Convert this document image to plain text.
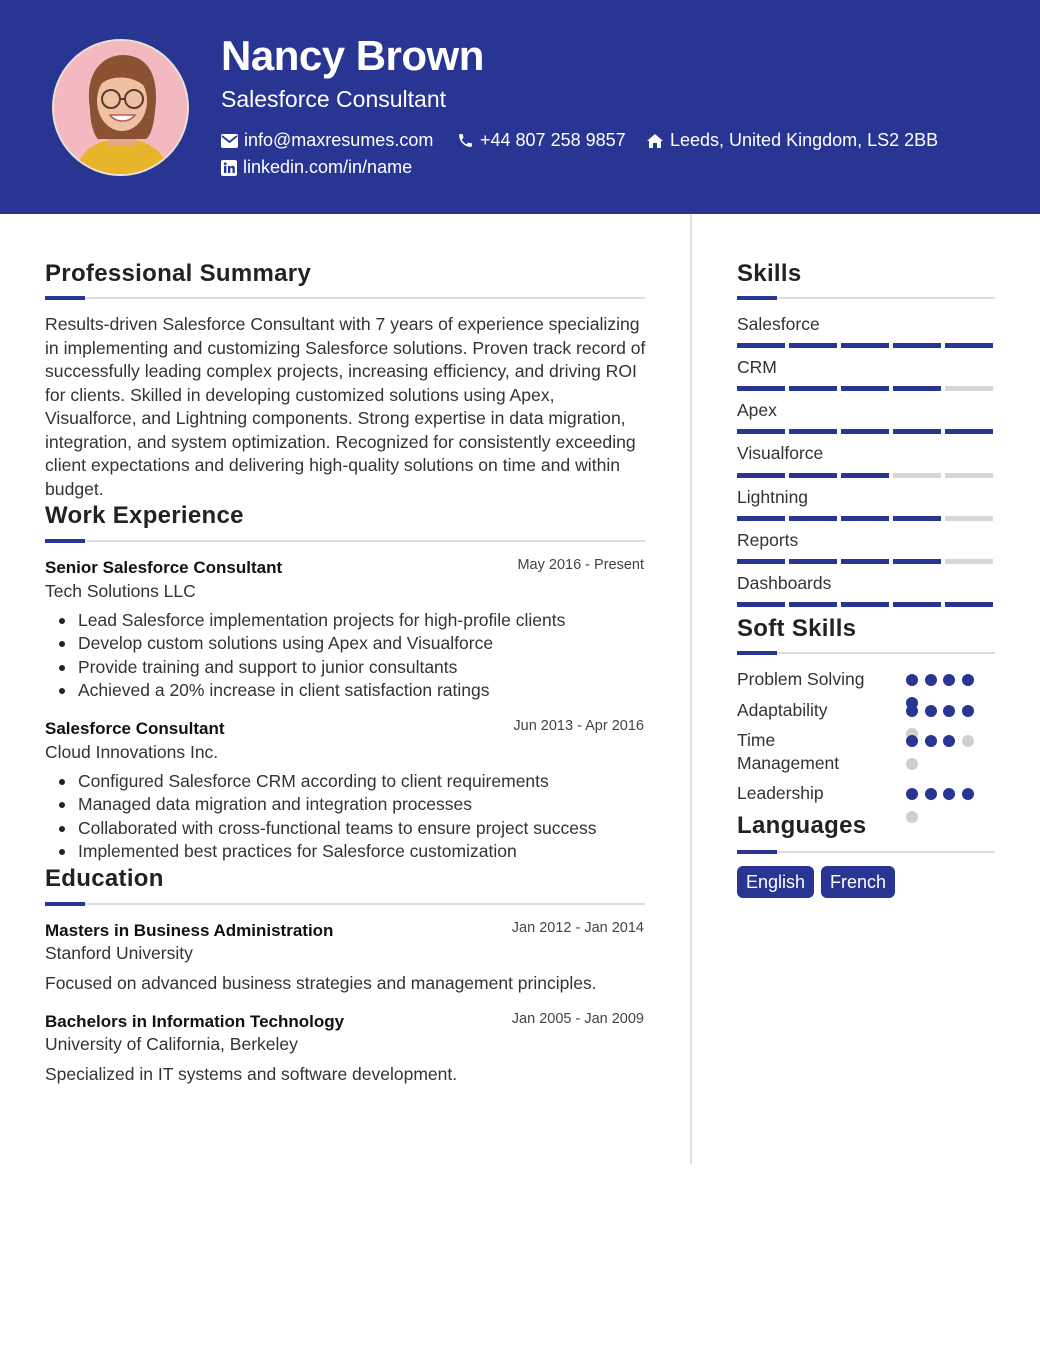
Nancy Brown
Salesforce Consultant
info@maxresumes.com	+44 807 258 9857 Leeds, United Kingdom, LS2 2BB
linkedin.com/in/name
Professional Summary
Results-driven Salesforce Consultant with 7 years of experience specializing in implementing and customizing Salesforce solutions. Proven track record of successfully leading complex projects, increasing efficiency, and driving ROI for clients. Skilled in developing customized solutions using Apex, Visualforce, and Lightning components. Strong expertise in data migration, integration, and system optimization. Recognized for consistently exceeding client expectations and delivering high-quality solutions on time and within budget.
Work Experience
Senior Salesforce Consultant	May 2016 - Present
Tech Solutions LLC
Lead Salesforce implementation projects for high-profile clients
Develop custom solutions using Apex and Visualforce
Provide training and support to junior consultants
Achieved a 20% increase in client satisfaction ratings
Salesforce Consultant	Jun 2013 - Apr 2016
Cloud Innovations Inc.
Configured Salesforce CRM according to client requirements
Managed data migration and integration processes
Collaborated with cross-functional teams to ensure project success
Implemented best practices for Salesforce customization
Education
Masters in Business Administration	Jan 2012 - Jan 2014
Stanford University
Focused on advanced business strategies and management principles.
Bachelors in Information Technology	Jan 2005 - Jan 2009
University of California, Berkeley
Specialized in IT systems and software development.
Skills
Salesforce
CRM
Apex
Visualforce
Lightning
Reports
Dashboards
Soft Skills
Problem Solving
Adaptability
Time Management
Leadership
Languages
English	French
